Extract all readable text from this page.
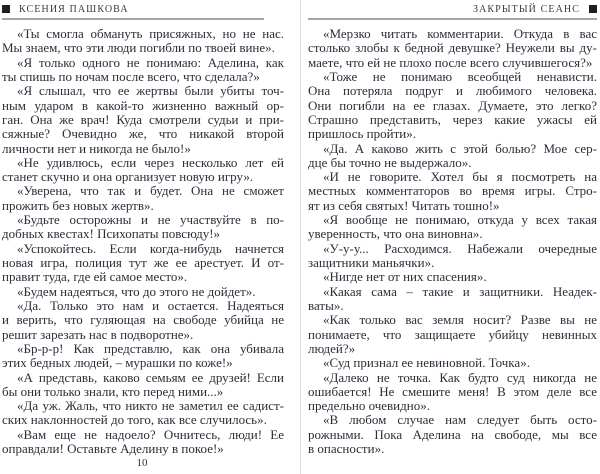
КСЕНИЯ ПАШКОВА
«Ты смогла обмануть присяжных, но не нас.
Мы знаем, что эти люди погибли по твоей вине».
«Я только одного не понимаю: Аделина, как
ты спишь по ночам после всего, что сделала?»
«Я слышал, что ее жертвы были убиты точ-
ным ударом в какой-то жизненно важный ор-
ган. Она же врач! Куда смотрели судьи и при-
сяжные? Очевидно же, что никакой второй
личности нет и никогда не было!»
«Не удивлюсь, если через несколько лет ей
станет скучно и она организует новую игру».
«Уверена, что так и будет. Она не сможет
прожить без новых жертв».
«Будьте осторожны и не участвуйте в по-
добных квестах! Психопаты повсюду!»
«Успокойтесь. Если когда-нибудь начнется
новая игра, полиция тут же ее арестует. И от-
правит туда, где ей самое место».
«Будем надеяться, что до этого не дойдет».
«Да. Только это нам и остается. Надеяться
и верить, что гуляющая на свободе убийца не
решит зарезать нас в подворотне».
«Бр-р-р! Как представлю, как она убивала
этих бедных людей, – мурашки по коже!»
«А представь, каково семьям ее друзей! Если
бы они только знали, кто перед ними...»
«Да уж. Жаль, что никто не заметил ее садист-
ских наклонностей до того, как все случилось».
«Вам еще не надоело? Очнитесь, люди! Ее
оправдали! Оставьте Аделину в покое!»
10
ЗАКРЫТЫЙ СЕАНС
«Мерзко читать комментарии. Откуда в вас
столько злобы к бедной девушке? Неужели вы ду-
маете, что ей не плохо после всего случившегося?»
«Тоже не понимаю всеобщей ненависти.
Она потеряла подруг и любимого человека.
Они погибли на ее глазах. Думаете, это легко?
Страшно представить, через какие ужасы ей
пришлось пройти».
«Да. А каково жить с этой болью? Мое сер-
дце бы точно не выдержало».
«И не говорите. Хотел бы я посмотреть на
местных комментаторов во время игры. Стро-
ят из себя святых! Читать тошно!»
«Я вообще не понимаю, откуда у всех такая
уверенность, что она виновна».
«У-у-у... Расходимся. Набежали очередные
защитники маньячки».
«Нигде нет от них спасения».
«Какая сама – такие и защитники. Неадек-
ваты».
«Как только вас земля носит? Разве вы не
понимаете, что защищаете убийцу невинных
людей?»
«Суд признал ее невиновной. Точка».
«Далеко не точка. Как будто суд никогда не
ошибается! Не смешите меня! В этом деле все
предельно очевидно».
«В любом случае нам следует быть осто-
рожными. Пока Аделина на свободе, мы все
в опасности».
